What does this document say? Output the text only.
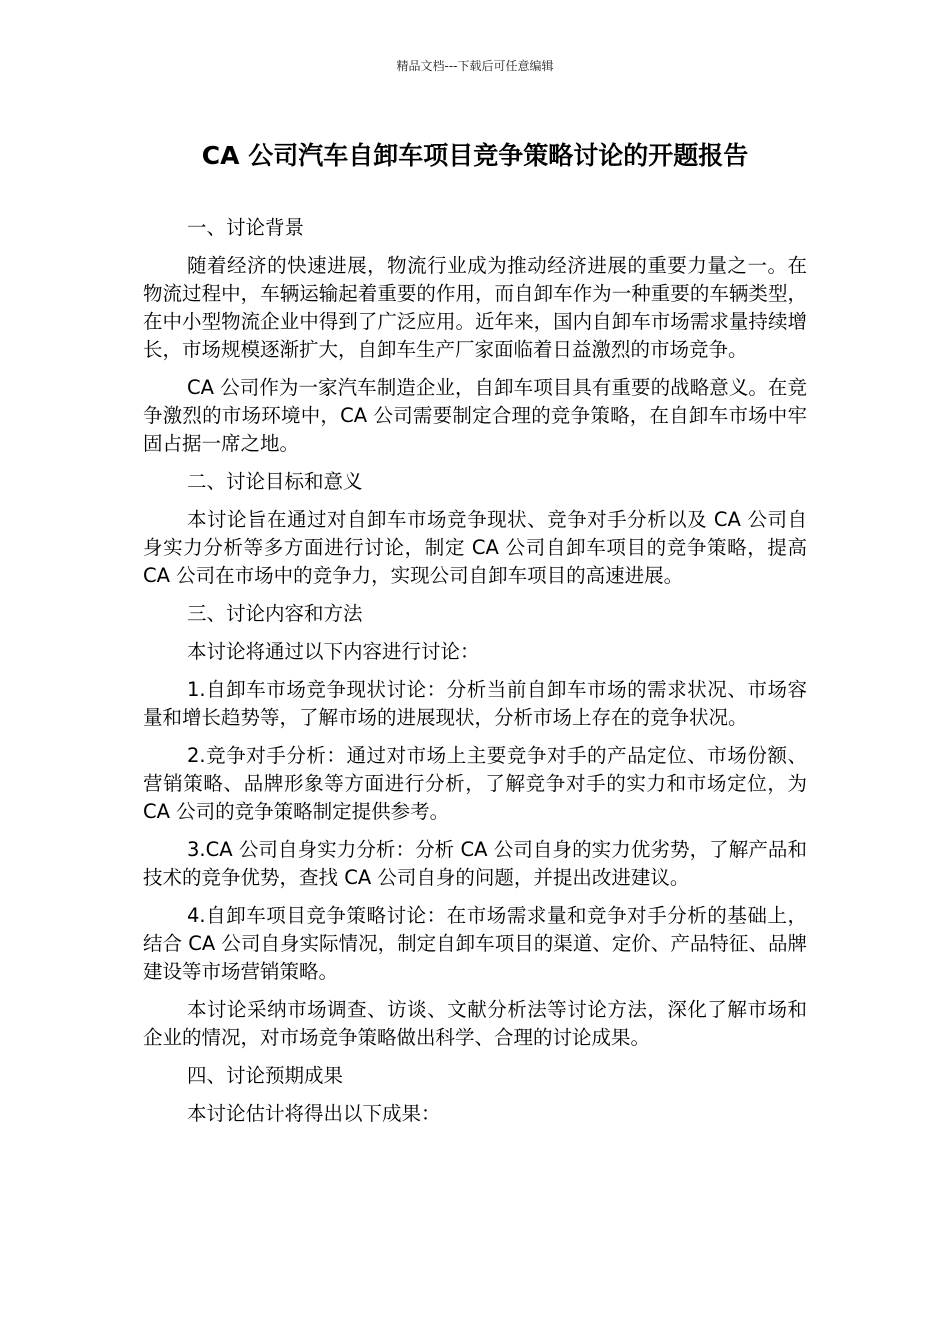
精品文档---下载后可任意编辑
CA 公司汽车自卸车项目竞争策略讨论的开题报告

一、讨论背景

随着经济的快速进展，物流行业成为推动经济进展的重要力量之一。在物流过程中，车辆运输起着重要的作用，而自卸车作为一种重要的车辆类型，在中小型物流企业中得到了广泛应用。近年来，国内自卸车市场需求量持续增长，市场规模逐渐扩大，自卸车生产厂家面临着日益激烈的市场竞争。

CA 公司作为一家汽车制造企业，自卸车项目具有重要的战略意义。在竞争激烈的市场环境中，CA 公司需要制定合理的竞争策略，在自卸车市场中牢固占据一席之地。

二、讨论目标和意义

本讨论旨在通过对自卸车市场竞争现状、竞争对手分析以及 CA 公司自身实力分析等多方面进行讨论，制定 CA 公司自卸车项目的竞争策略，提高 CA 公司在市场中的竞争力，实现公司自卸车项目的高速进展。

三、讨论内容和方法

本讨论将通过以下内容进行讨论：

1.自卸车市场竞争现状讨论：分析当前自卸车市场的需求状况、市场容量和增长趋势等，了解市场的进展现状，分析市场上存在的竞争状况。

2.竞争对手分析：通过对市场上主要竞争对手的产品定位、市场份额、营销策略、品牌形象等方面进行分析，了解竞争对手的实力和市场定位，为 CA 公司的竞争策略制定提供参考。

3.CA 公司自身实力分析：分析 CA 公司自身的实力优劣势，了解产品和技术的竞争优势，查找 CA 公司自身的问题，并提出改进建议。

4.自卸车项目竞争策略讨论：在市场需求量和竞争对手分析的基础上，结合 CA 公司自身实际情况，制定自卸车项目的渠道、定价、产品特征、品牌建设等市场营销策略。

本讨论采纳市场调查、访谈、文献分析法等讨论方法，深化了解市场和企业的情况，对市场竞争策略做出科学、合理的讨论成果。

四、讨论预期成果

本讨论估计将得出以下成果：
